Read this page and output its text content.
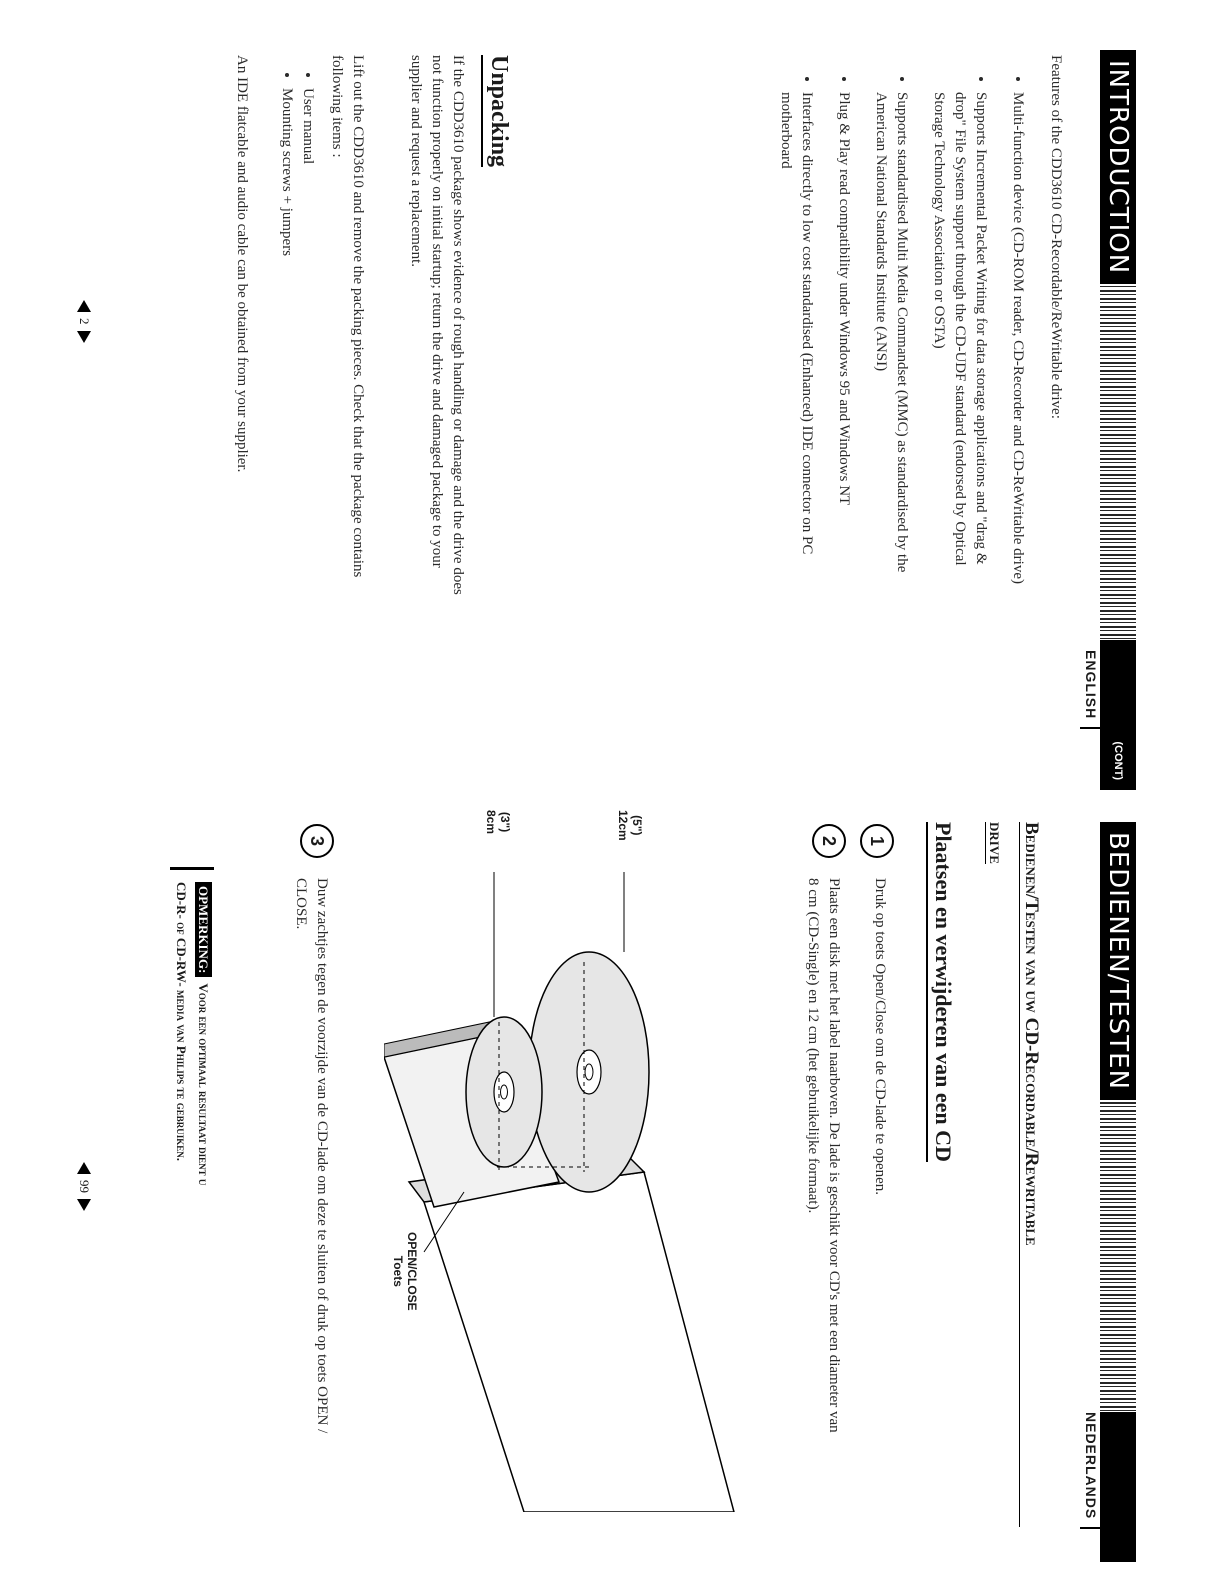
INTRODUCTION
(CONT)
ENGLISH
Features of the CDD3610 CD-Recordable/ReWritable drive:
• Multi-function device (CD-ROM reader, CD-Recorder and CD-ReWritable drive)
• Supports Incremental Packet Writing for data storage applications and "drag & drop" File System support through the CD-UDF standard (endorsed by Optical Storage Technology Association or OSTA)
• Supports standardised Multi Media Commandset (MMC) as standardised by the American National Standards Institute (ANSI)
• Plug & Play read compatibility under Windows 95 and Windows NT
• Interfaces directly to low cost standardised (Enhanced) IDE connector on PC motherboard
Unpacking
If the CDD3610 package shows evidence of rough handling or damage and the drive does not function properly on initial startup; return the drive and damaged package to your supplier and request a replacement.
Lift out the CDD3610 and remove the packing pieces. Check that the package contains following items :
• User manual
• Mounting screws + jumpers
An IDE flatcable and audio cable can be obtained from your supplier.
2
BEDIENEN/TESTEN
NEDERLANDS
Bedienen/Testen van uw CD-Recordable/Rewritable
DRIVE
Plaatsen en verwijderen van een CD
1
Druk op toets Open/Close om de CD-lade te openen.
2
Plaats een disk met het label naarboven. De lade is geschikt voor CD's met een diameter van 8 cm (CD-Single) en 12 cm (het gebruikelijke formaat).
(5")
12cm
(3")
8cm
OPEN/CLOSE
Toets
3
Duw zachtjes tegen de voorzijde van de CD-lade om deze te sluiten of druk op toets OPEN / CLOSE.
OPMERKING:Voor een optimaal resultaat dient u
CD-R- of CD-RW- media van Philips te gebruiken.
99
